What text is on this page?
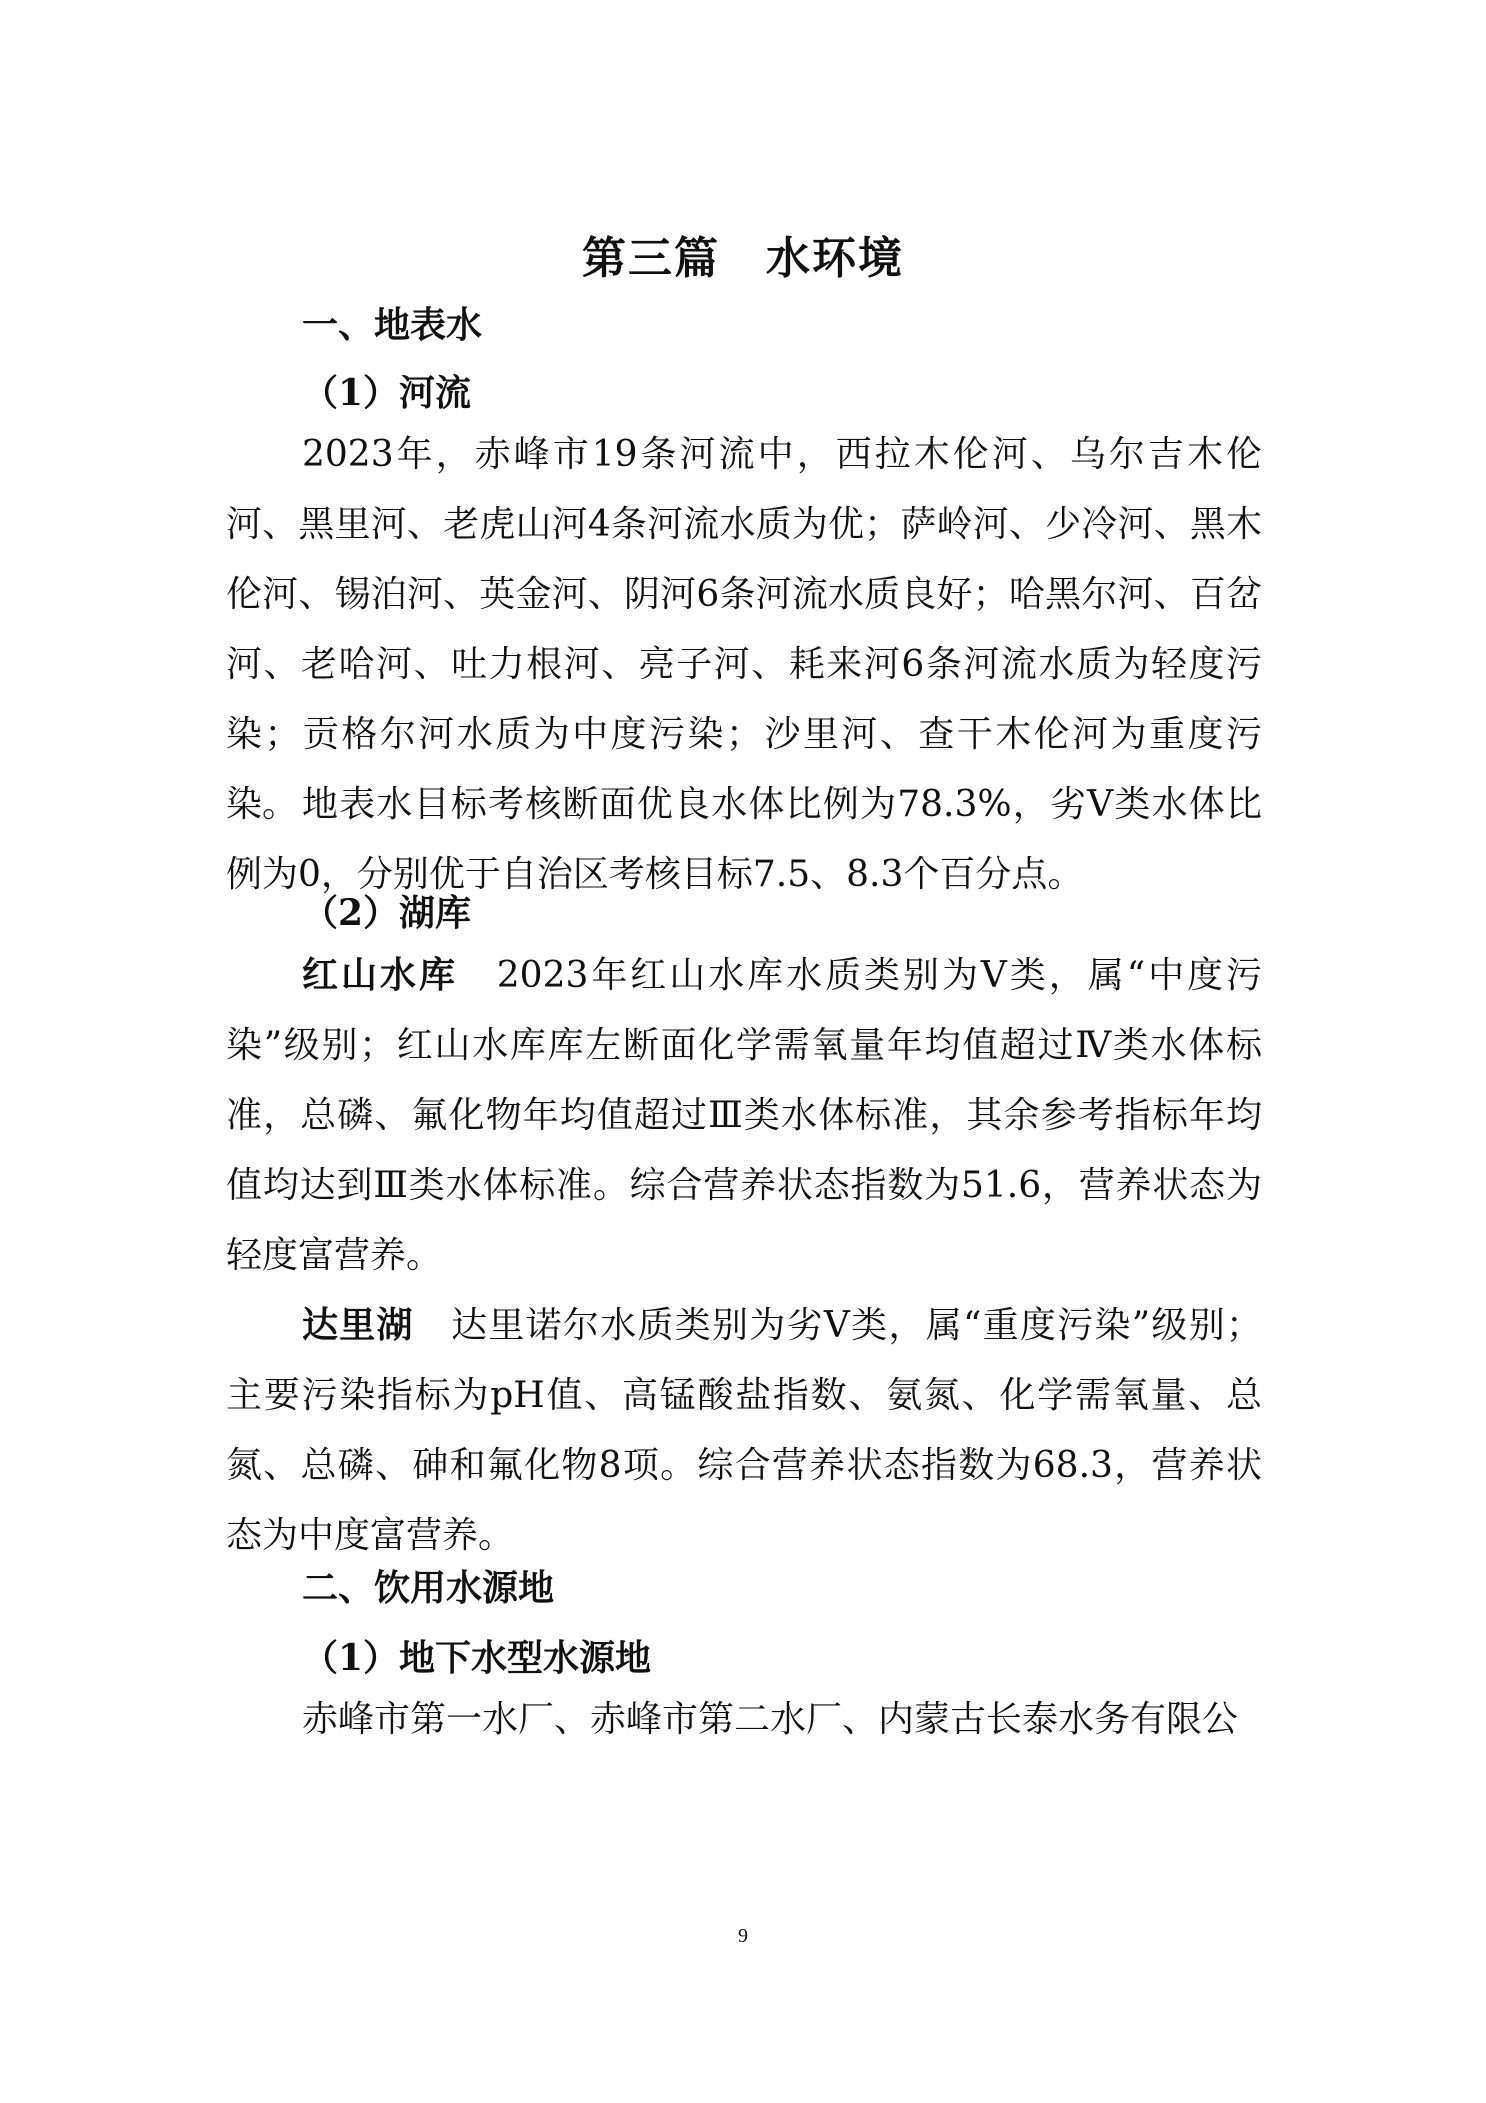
第三篇　水环境
一、地表水
（1）河流

2023年，赤峰市19条河流中，西拉木伦河、乌尔吉木伦河、黑里河、老虎山河4条河流水质为优；萨岭河、少冷河、黑木伦河、锡泊河、英金河、阴河6条河流水质良好；哈黑尔河、百岔河、老哈河、吐力根河、亮子河、耗来河6条河流水质为轻度污染；贡格尔河水质为中度污染；沙里河、查干木伦河为重度污染。 地表水目标考核断面优良水体比例为78.3%，劣Ⅴ类水体比例为0，分别优于自治区考核目标7.5、8.3个百分点。

（2）湖库

红山水库　2023年红山水库水质类别为Ⅴ类，属“中度污染”级别；红山水库库左断面化学需氧量年均值超过Ⅳ类水体标准，总磷、氟化物年均值超过Ⅲ类水体标准，其余参考指标年均值均达到Ⅲ类水体标准。综合营养状态指数为51.6，营养状态为轻度富营养。

达里湖　达里诺尔水质类别为劣Ⅴ类，属“重度污染”级别；主要污染指标为pH值、高锰酸盐指数、氨氮、化学需氧量、总氮、总磷、砷和氟化物8项。综合营养状态指数为68.3，营养状态为中度富营养。

二、饮用水源地
（1）地下水型水源地

赤峰市第一水厂、赤峰市第二水厂、内蒙古长泰水务有限公

9
